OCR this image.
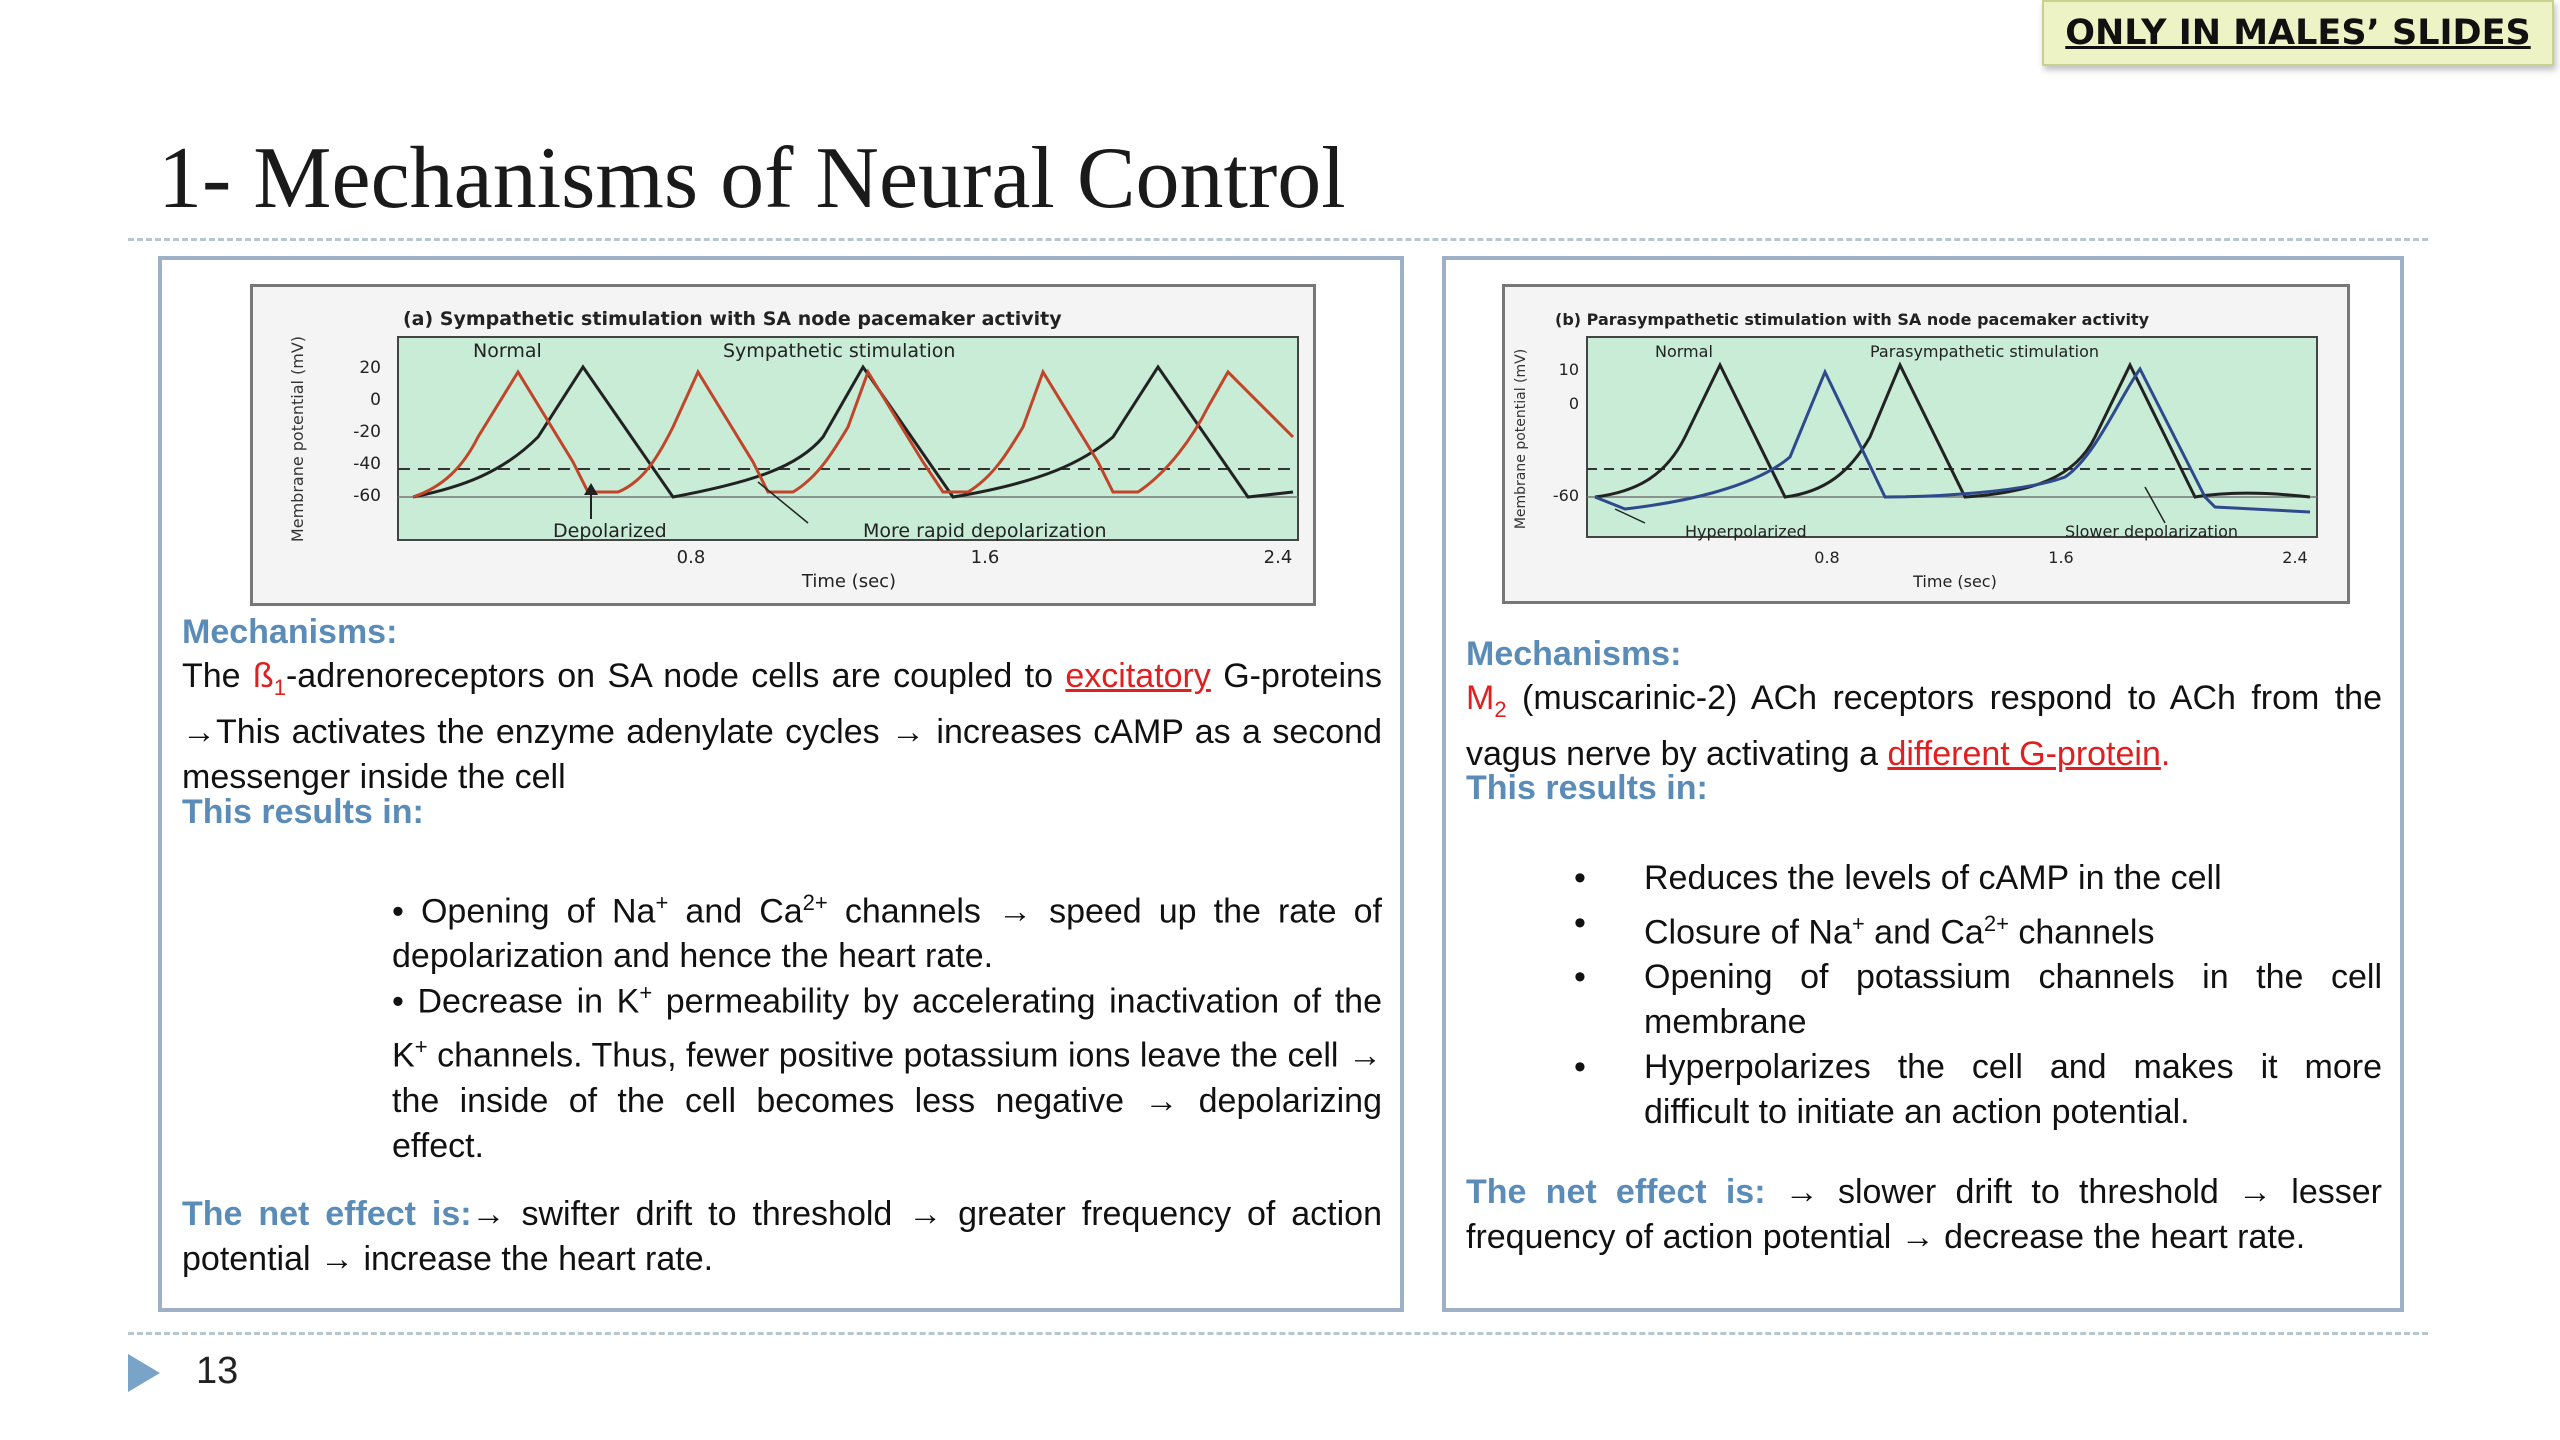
ONLY IN MALES’ SLIDES
1- Mechanisms of Neural Control
(a) Sympathetic stimulation with SA node pacemaker activity
Membrane potential (mV)	20
0
-20
-40
-60
Normal	Sympathetic stimulation
Depolarized	More rapid depolarization
0.8	1.6	2.4
Time (sec)
Mechanisms:
The $ß_1$-adrenoreceptors on SA node cells are coupled to excitatory G-proteins →This activates the enzyme adenylate cycles → increases cAMP as a second messenger inside the cell
This results in:
• Opening of Na+ and $Ca^{2+}$ channels → speed up the rate of depolarization and hence the heart rate.
• Decrease in K+ permeability by accelerating inactivation of the K+ channels. Thus, fewer positive potassium ions leave the cell → the inside of the cell becomes less negative → depolarizing effect.
The net effect is:→ swifter drift to threshold → greater frequency of action potential → increase the heart rate.
(b) Parasympathetic stimulation with SA node pacemaker activity
Membrane potential (mV) 10
0
-60
Normal	Parasympathetic stimulation
Hyperpolarized	Slower depolarization
0.8	1.6	2.4
Time (sec)
Mechanisms:
$M_2$ (muscarinic-2) ACh receptors respond to ACh from the vagus nerve by activating a different G-protein.
This results in:
• Reduces the levels of cAMP in the cell
• Closure of Na+ and $Ca^{2+}$ channels
• Opening of potassium channels in the cell membrane
• Hyperpolarizes the cell and makes it more difficult to initiate an action potential.
The net effect is: → slower drift to threshold → lesser frequency of action potential → decrease the heart rate.
13
